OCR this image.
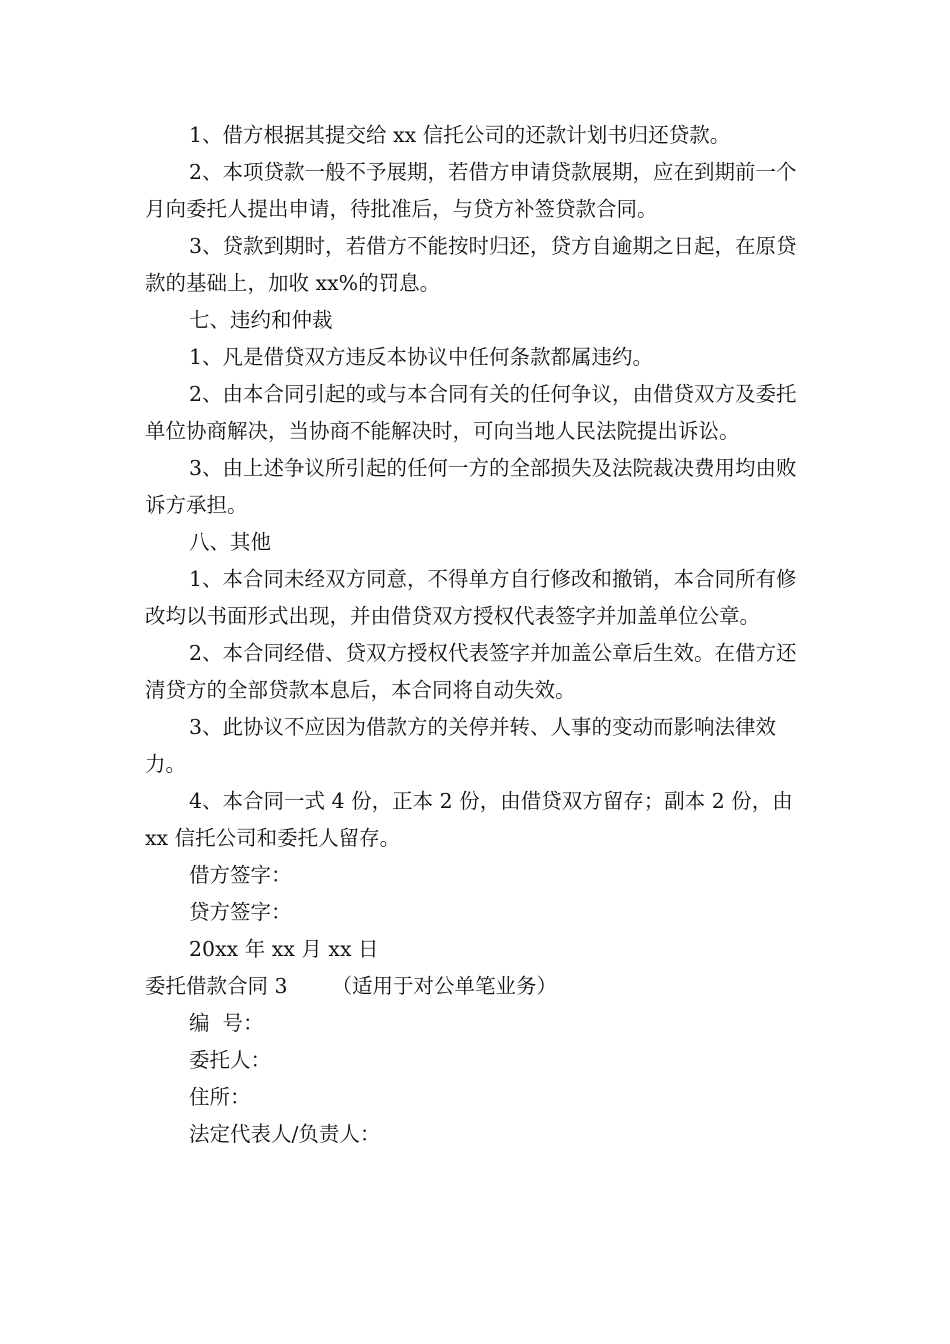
1、借方根据其提交给 xx 信托公司的还款计划书归还贷款。

2、本项贷款一般不予展期，若借方申请贷款展期，应在到期前一个月向委托人提出申请，待批准后，与贷方补签贷款合同。

3、贷款到期时，若借方不能按时归还，贷方自逾期之日起，在原贷款的基础上，加收 xx%的罚息。

七、违约和仲裁

1、凡是借贷双方违反本协议中任何条款都属违约。

2、由本合同引起的或与本合同有关的任何争议，由借贷双方及委托单位协商解决，当协商不能解决时，可向当地人民法院提出诉讼。

3、由上述争议所引起的任何一方的全部损失及法院裁决费用均由败诉方承担。

八、其他

1、本合同未经双方同意，不得单方自行修改和撤销，本合同所有修改均以书面形式出现，并由借贷双方授权代表签字并加盖单位公章。

2、本合同经借、贷双方授权代表签字并加盖公章后生效。在借方还清贷方的全部贷款本息后，本合同将自动失效。

3、此协议不应因为借款方的关停并转、人事的变动而影响法律效力。

4、本合同一式 4 份，正本 2 份，由借贷双方留存；副本 2 份，由 xx 信托公司和委托人留存。

借方签字：

贷方签字：

20xx 年 xx 月 xx 日

委托借款合同 3 （适用于对公单笔业务）

编  号：

委托人：

住所：

法定代表人/负责人：
